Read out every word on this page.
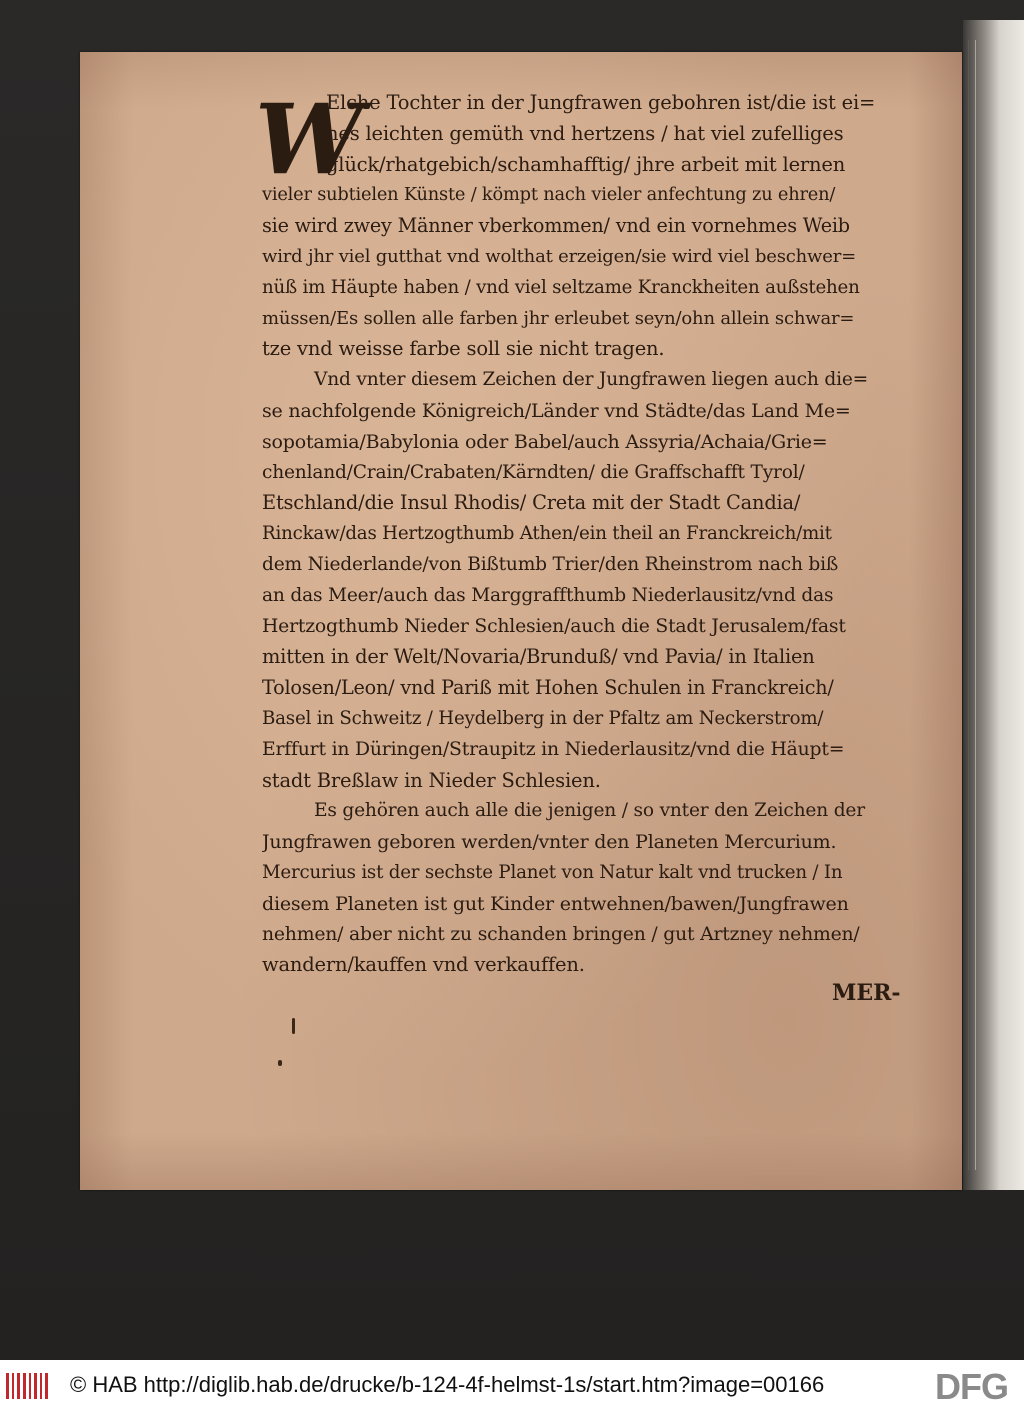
W
Elche Tochter in der Jungfrawen gebohren ist/die ist ei=
nes leichten gemüth vnd hertzens / hat viel zufelliges
glück/rhatgebich/schamhafftig/ jhre arbeit mit lernen
vieler subtielen Künste / kömpt nach vieler anfechtung zu ehren/
sie wird zwey Männer vberkommen/ vnd ein vornehmes Weib
wird jhr viel gutthat vnd wolthat erzeigen/sie wird viel beschwer=
nüß im Häupte haben / vnd viel seltzame Kranckheiten außstehen
müssen/Es sollen alle farben jhr erleubet seyn/ohn allein schwar=
tze vnd weisse farbe soll sie nicht tragen.
Vnd vnter diesem Zeichen der Jungfrawen liegen auch die=
se nachfolgende Königreich/Länder vnd Städte/das Land Me=
sopotamia/Babylonia oder Babel/auch Assyria/Achaia/Grie=
chenland/Crain/Crabaten/Kärndten/ die Graffschafft Tyrol/
Etschland/die Insul Rhodis/ Creta mit der Stadt Candia/
Rinckaw/das Hertzogthumb Athen/ein theil an Franckreich/mit
dem Niederlande/von Bißtumb Trier/den Rheinstrom nach biß
an das Meer/auch das Marggraffthumb Niederlausitz/vnd das
Hertzogthumb Nieder Schlesien/auch die Stadt Jerusalem/fast
mitten in der Welt/Novaria/Brunduß/ vnd Pavia/ in Italien
Tolosen/Leon/ vnd Pariß mit Hohen Schulen in Franckreich/
Basel in Schweitz / Heydelberg in der Pfaltz am Neckerstrom/
Erffurt in Düringen/Straupitz in Niederlausitz/vnd die Häupt=
stadt Breßlaw in Nieder Schlesien.
Es gehören auch alle die jenigen / so vnter den Zeichen der
Jungfrawen geboren werden/vnter den Planeten Mercurium.
Mercurius ist der sechste Planet von Natur kalt vnd trucken / In
diesem Planeten ist gut Kinder entwehnen/bawen/Jungfrawen
nehmen/ aber nicht zu schanden bringen / gut Artzney nehmen/
wandern/kauffen vnd verkauffen.
MER-
© HAB http://diglib.hab.de/drucke/b-124-4f-helmst-1s/start.htm?image=00166	DFG
